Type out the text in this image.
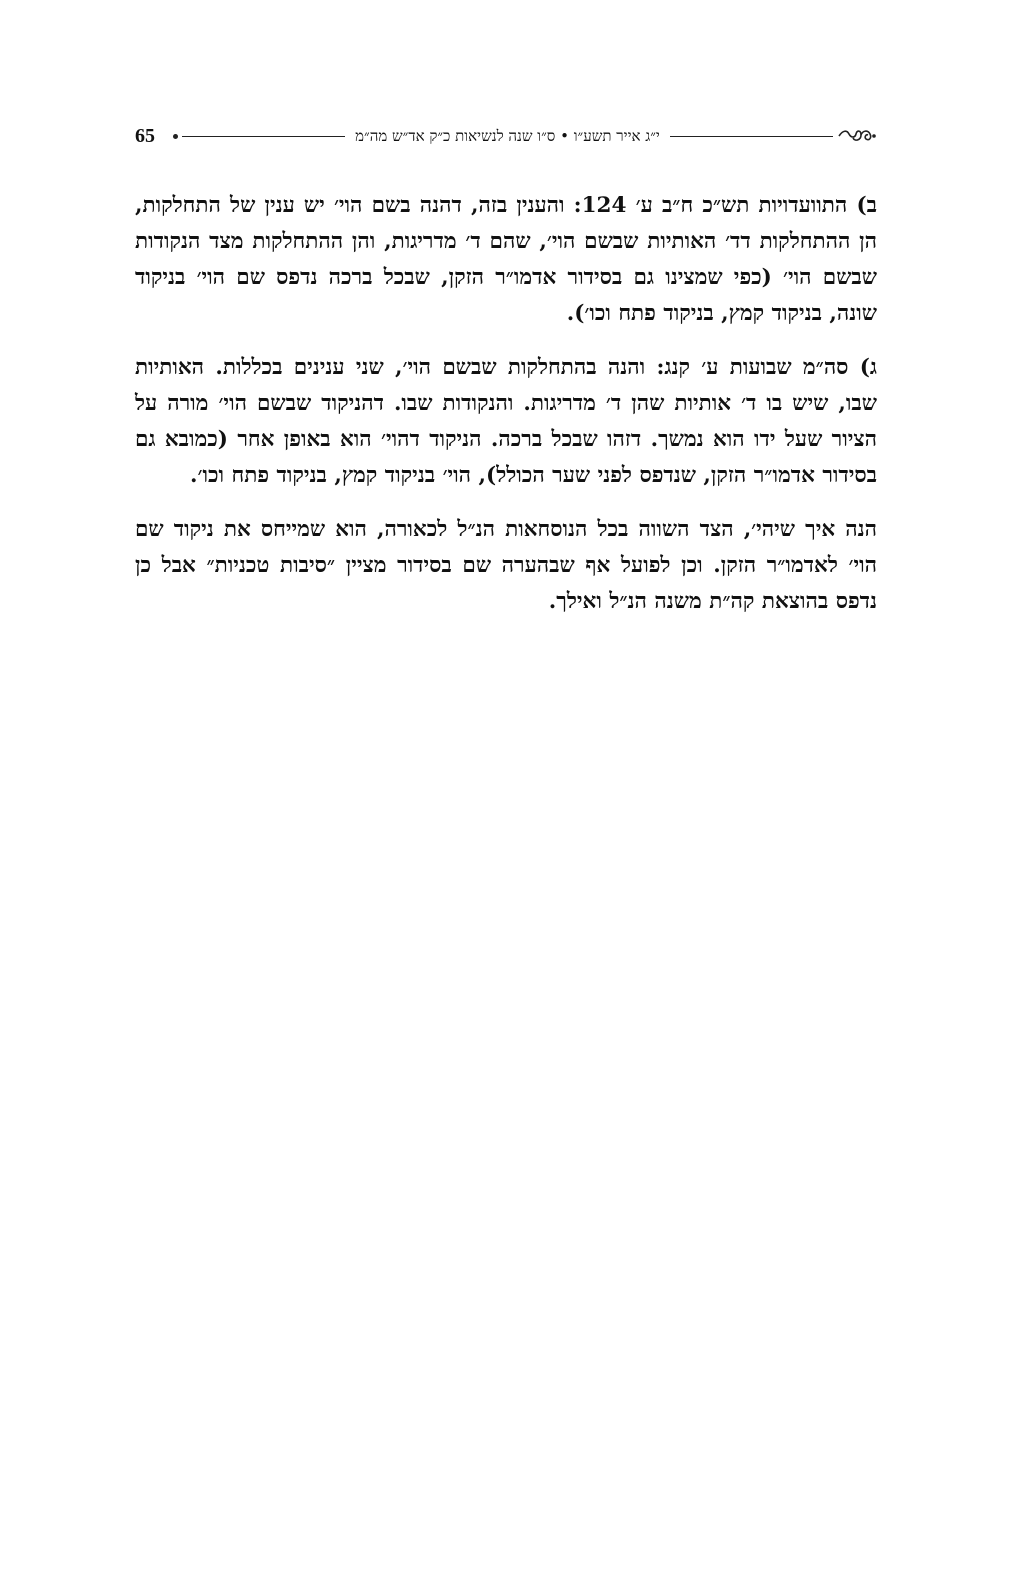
65	י״ג אייר תשע״ו • ס״ו שנה לנשיאות כ״ק אד״ש מה״מ

ב) התוועדויות תש״כ ח״ב ע׳ 124: והענין בזה, דהנה בשם הוי׳ יש ענין של התחלקות, הן ההתחלקות דד׳ האותיות שבשם הוי׳, שהם ד׳ מדריגות, והן ההתחלקות מצד הנקודות שבשם הוי׳ (כפי שמצינו גם בסידור אדמו״ר הזקן, שבכל ברכה נדפס שם הוי׳ בניקוד שונה, בניקוד קמץ, בניקוד פתח וכו׳).

ג) סה״מ שבועות ע׳ קנג: והנה בהתחלקות שבשם הוי׳, שני ענינים בכללות. האותיות שבו, שיש בו ד׳ אותיות שהן ד׳ מדריגות. והנקודות שבו. דהניקוד שבשם הוי׳ מורה על הציור שעל ידו הוא נמשך. דזהו שבכל ברכה. הניקוד דהוי׳ הוא באופן אחר (כמובא גם בסידור אדמו״ר הזקן, שנדפס לפני שער הכולל), הוי׳ בניקוד קמץ, בניקוד פתח וכו׳.

הנה איך שיהי׳, הצד השווה בכל הנוסחאות הנ״ל לכאורה, הוא שמייחס את ניקוד שם הוי׳ לאדמו״ר הזקן. וכן לפועל אף שבהערה שם בסידור מציין ״סיבות טכניות״ אבל כן נדפס בהוצאת קה״ת משנה הנ״ל ואילך.
